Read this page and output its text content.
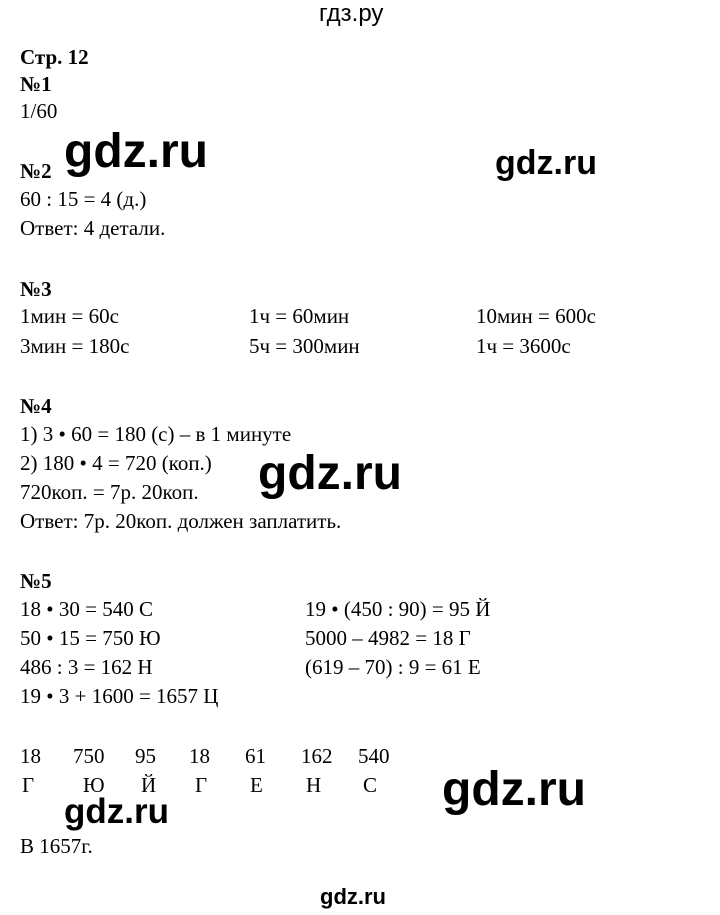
гдз.ру
gdz.ru
gdz.ru	gdz.ru
gdz.ru
gdz.ru
gdz.ru
Стр. 12
№1
1/60
№2
60 : 15 = 4 (д.)
Ответ: 4 детали.
№3
1мин = 60с	1ч = 60мин	10мин = 600с
3мин = 180с	5ч = 300мин	1ч = 3600с
№4
1) 3 • 60 = 180 (с) – в 1 минуте
2) 180 • 4 = 720 (коп.)
720коп. = 7р. 20коп.
Ответ: 7р. 20коп. должен заплатить.
№5
18 • 30 = 540 С
50 • 15 = 750 Ю
486 : 3 = 162 Н
19 • 3 + 1600 = 1657 Ц
19 • (450 : 90) = 95 Й
5000 – 4982 = 18 Г
(619 – 70) : 9 = 61 Е
18 750 95 18 61 162 540
Г Ю Й Г Е Н С
В 1657г.
